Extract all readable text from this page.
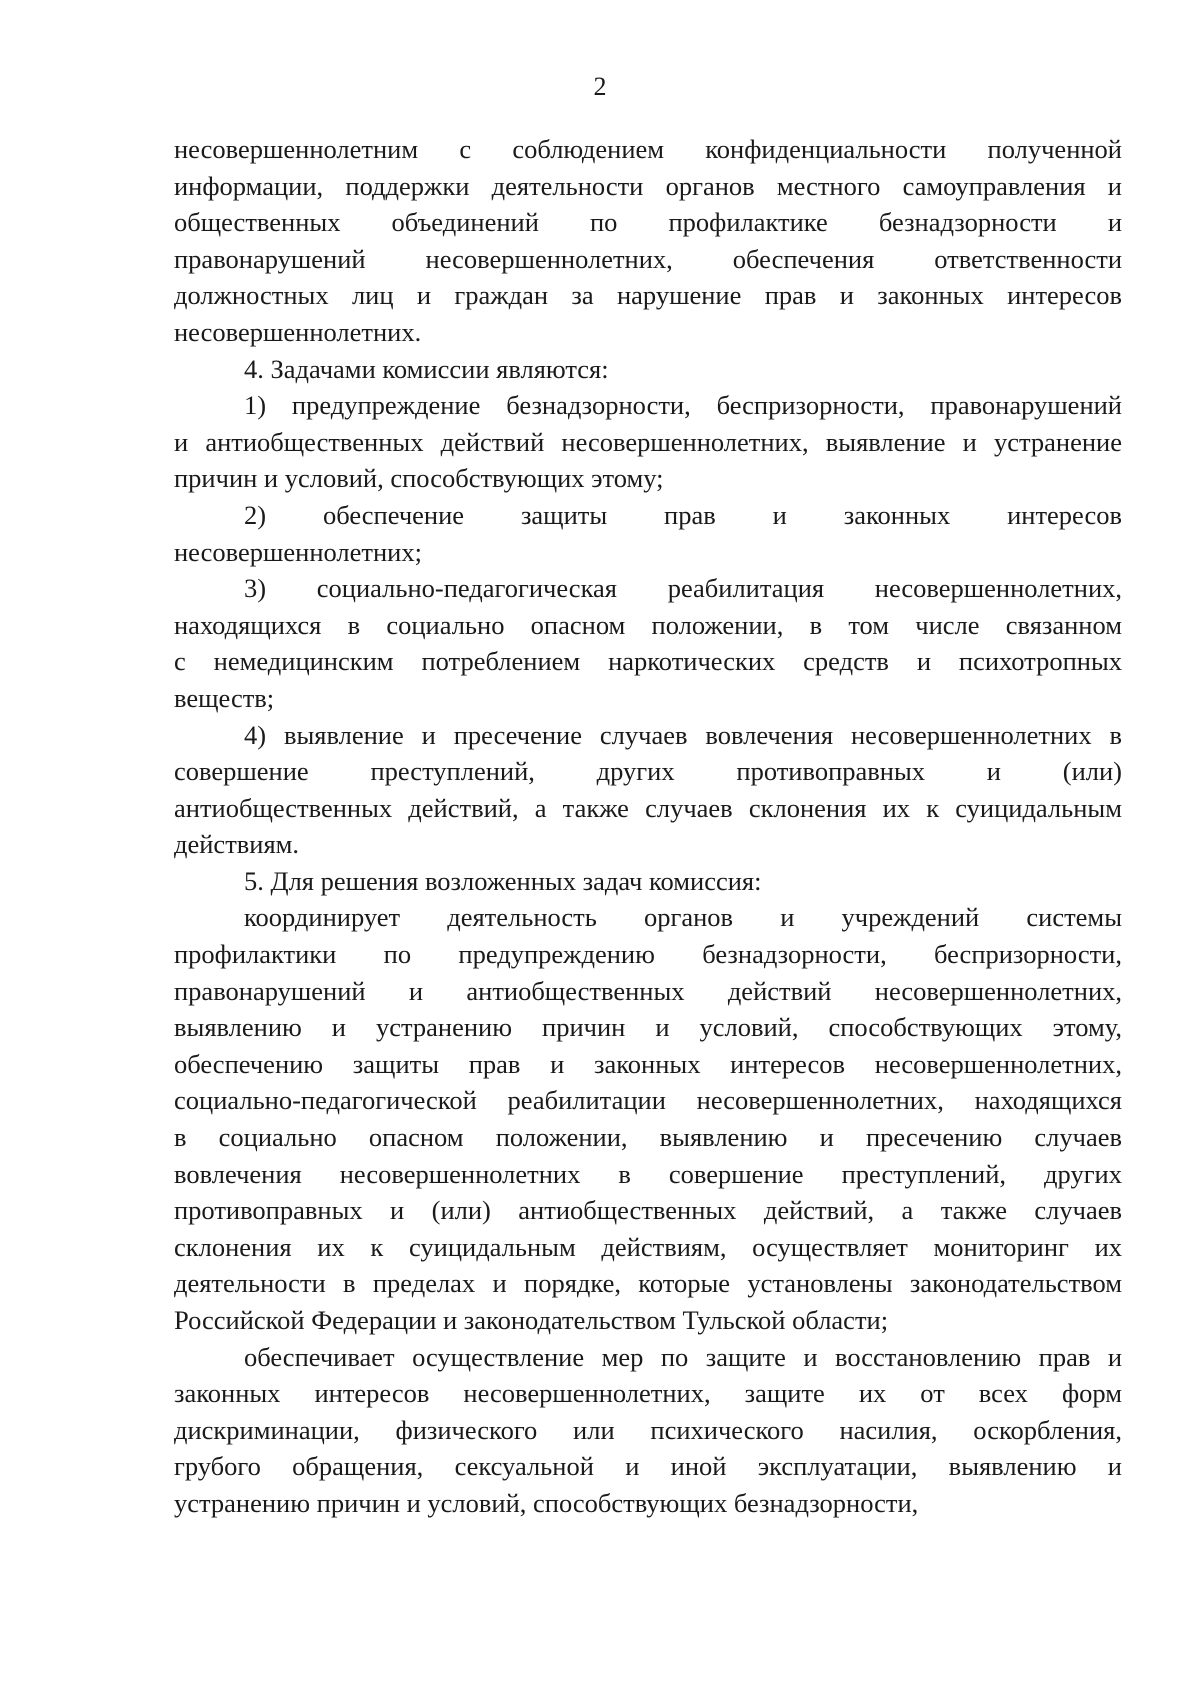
2
несовершеннолетним с соблюдением конфиденциальности полученной
информации, поддержки деятельности органов местного самоуправления и
общественных объединений по профилактике безнадзорности и
правонарушений несовершеннолетних, обеспечения ответственности
должностных лиц и граждан за нарушение прав и законных интересов
несовершеннолетних.
4. Задачами комиссии являются:
1) предупреждение безнадзорности, беспризорности, правонарушений
и антиобщественных действий несовершеннолетних, выявление и устранение
причин и условий, способствующих этому;
2) обеспечение защиты прав и законных интересов
несовершеннолетних;
3) социально-педагогическая реабилитация несовершеннолетних,
находящихся в социально опасном положении, в том числе связанном
с немедицинским потреблением наркотических средств и психотропных
веществ;
4) выявление и пресечение случаев вовлечения несовершеннолетних в
совершение преступлений, других противоправных и (или)
антиобщественных действий, а также случаев склонения их к суицидальным
действиям.
5. Для решения возложенных задач комиссия:
координирует деятельность органов и учреждений системы
профилактики по предупреждению безнадзорности, беспризорности,
правонарушений и антиобщественных действий несовершеннолетних,
выявлению и устранению причин и условий, способствующих этому,
обеспечению защиты прав и законных интересов несовершеннолетних,
социально-педагогической реабилитации несовершеннолетних, находящихся
в социально опасном положении, выявлению и пресечению случаев
вовлечения несовершеннолетних в совершение преступлений, других
противоправных и (или) антиобщественных действий, а также случаев
склонения их к суицидальным действиям, осуществляет мониторинг их
деятельности в пределах и порядке, которые установлены законодательством
Российской Федерации и законодательством Тульской области;
обеспечивает осуществление мер по защите и восстановлению прав и
законных интересов несовершеннолетних, защите их от всех форм
дискриминации, физического или психического насилия, оскорбления,
грубого обращения, сексуальной и иной эксплуатации, выявлению и
устранению причин и условий, способствующих безнадзорности,
